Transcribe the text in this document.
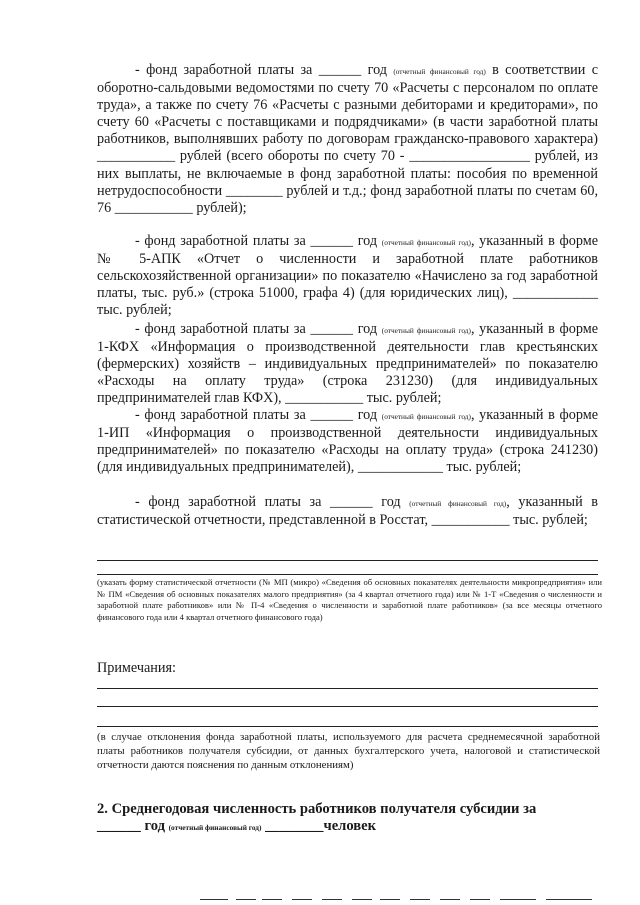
- фонд заработной платы за ______ год (отчетный финансовый год) в соответствии с оборотно-сальдовыми ведомостями по счету 70 «Расчеты с персоналом по оплате труда», а также по счету 76 «Расчеты с разными дебиторами и кредиторами», по счету 60 «Расчеты с поставщиками и подрядчиками» (в части заработной платы работников, выполнявших работу по договорам гражданско-правового характера) ___________ рублей (всего обороты по счету 70 - _________________ рублей, из них выплаты, не включаемые в фонд заработной платы: пособия по временной нетрудоспособности ________ рублей и т.д.; фонд заработной платы по счетам 60, 76 ___________ рублей);
- фонд заработной платы за ______ год (отчетный финансовый год), указанный в форме № 5-АПК «Отчет о численности и заработной плате работников сельскохозяйственной организации» по показателю «Начислено за год заработной платы, тыс. руб.» (строка 51000, графа 4) (для юридических лиц), ____________ тыс. рублей;
- фонд заработной платы за ______ год (отчетный финансовый год), указанный в форме 1-КФХ «Информация о производственной деятельности глав крестьянских (фермерских) хозяйств – индивидуальных предпринимателей» по показателю «Расходы на оплату труда» (строка 231230) (для индивидуальных предпринимателей глав КФХ), ___________ тыс. рублей;
- фонд заработной платы за ______ год (отчетный финансовый год), указанный в форме 1-ИП «Информация о производственной деятельности индивидуальных предпринимателей» по показателю «Расходы на оплату труда» (строка 241230) (для индивидуальных предпринимателей), ____________ тыс. рублей;
- фонд заработной платы за ______ год (отчетный финансовый год), указанный в статистической отчетности, представленной в Росстат, ___________ тыс. рублей;
(указать форму статистической отчетности (№ МП (микро) «Сведения об основных показателях деятельности микропредприятия» или № ПМ «Сведения об основных показателях малого предприятия» (за 4 квартал отчетного года) или № 1-Т «Сведения о численности и заработной плате работников» или № П-4 «Сведения о численности и заработной плате работников» (за все месяцы отчетного финансового года или 4 квартал отчетного финансового года)
Примечания:
(в случае отклонения фонда заработной платы, используемого для расчета среднемесячной заработной платы работников получателя субсидии, от данных бухгалтерского учета, налоговой и статистической отчетности даются пояснения по данным отклонениям)
2. Среднегодовая численность работников получателя субсидии за
______ год (отчетный финансовый год) ________человек
